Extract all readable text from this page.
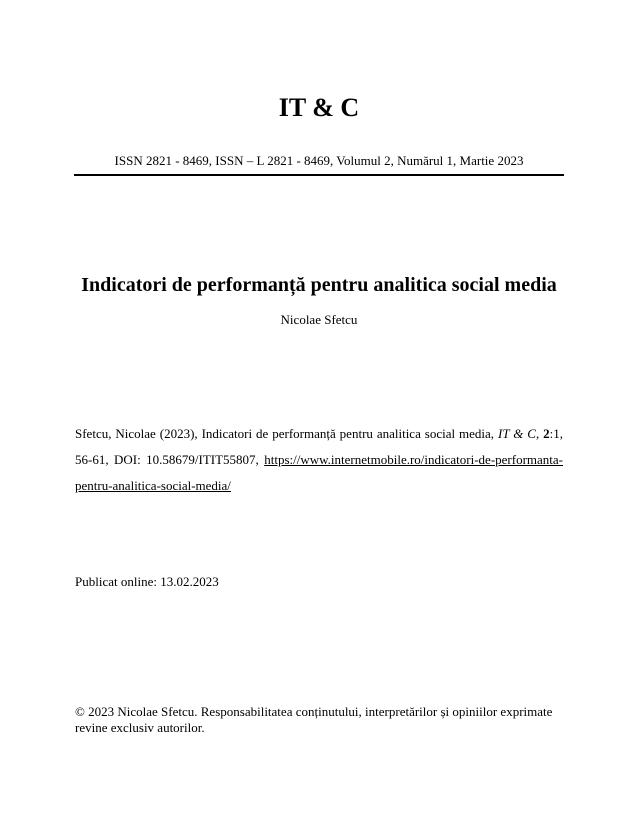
IT & C
ISSN 2821 - 8469, ISSN – L 2821 - 8469, Volumul 2, Numărul 1, Martie 2023
Indicatori de performanță pentru analitica social media
Nicolae Sfetcu
Sfetcu, Nicolae (2023), Indicatori de performanță pentru analitica social media, IT & C, 2:1, 56-61, DOI: 10.58679/ITIT55807, https://www.internetmobile.ro/indicatori-de-performanta-pentru-analitica-social-media/
Publicat online: 13.02.2023
© 2023 Nicolae Sfetcu. Responsabilitatea conținutului, interpretărilor și opiniilor exprimate revine exclusiv autorilor.
